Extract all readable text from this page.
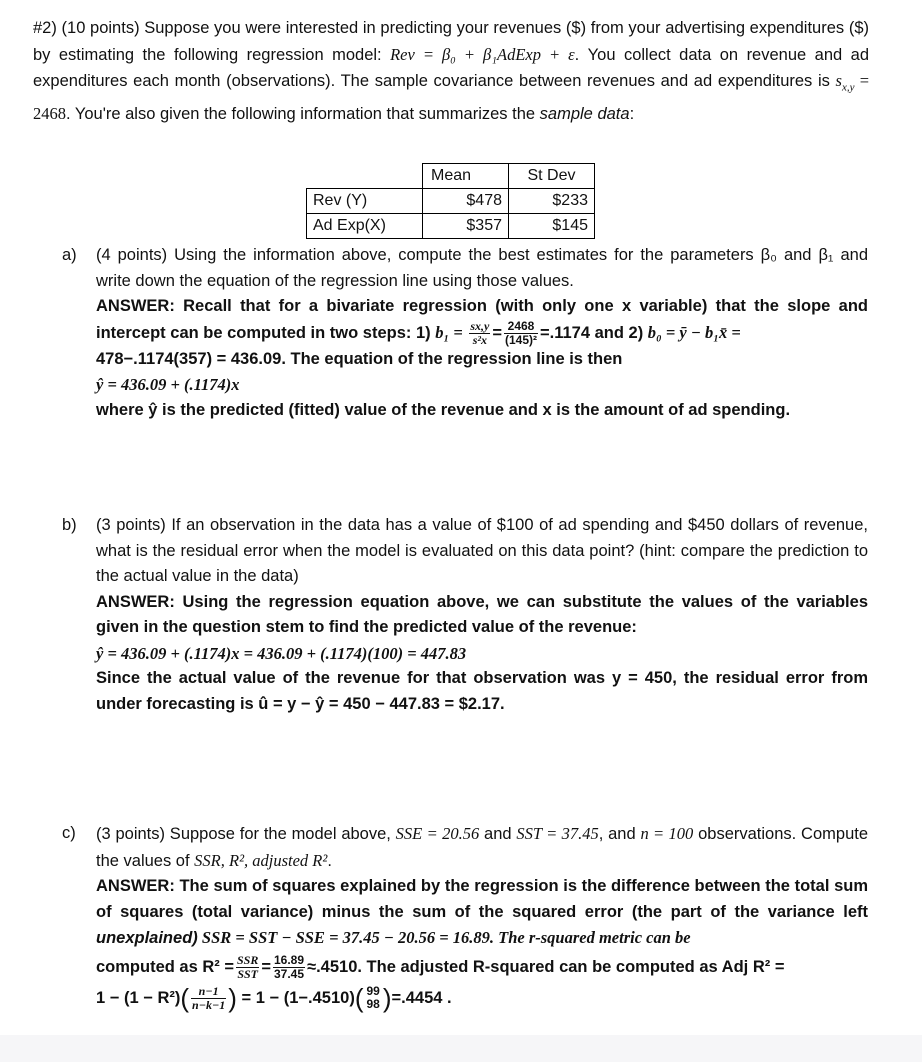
#2) (10 points) Suppose you were interested in predicting your revenues ($) from your advertising expenditures ($) by estimating the following regression model: Rev = β₀ + β₁AdExp + ε. You collect data on revenue and ad expenditures each month (observations). The sample covariance between revenues and ad expenditures is $s_{x,y} = 2468$. You're also given the following information that summarizes the sample data:

	Mean	St Dev
Rev (Y)	$478	$233
Ad Exp(X)	$357	$145
a) (4 points) Using the information above, compute the best estimates for the parameters β₀ and β₁ and write down the equation of the regression line using those values.

ANSWER: Recall that for a bivariate regression (with only one x variable) that the slope and intercept can be computed in two steps: 1) $b_1 = \frac{sx,y}{\text{s²x}} = \frac{2468}{\text{(145)²}} =.1174$ and 2) b₀ = ȳ − b₁x̄ =

478−.1174(357) = 436.09. The equation of the regression line is then

ŷ = 436.09 + (.1174)x

where ŷ is the predicted (fitted) value of the revenue and x is the amount of ad spending.

b) (3 points) If an observation in the data has a value of $100 of ad spending and $450 dollars of revenue, what is the residual error when the model is evaluated on this data point? (hint: compare the prediction to the actual value in the data)

ANSWER: Using the regression equation above, we can substitute the values of the variables given in the question stem to find the predicted value of the revenue:

ŷ = 436.09 + (.1174)x = 436.09 + (.1174)(100) = 447.83

Since the actual value of the revenue for that observation was y = 450, the residual error from under forecasting is û = y − ŷ = 450 − 447.83 = $2.17.

c) (3 points) Suppose for the model above, SSE = 20.56 and SST = 37.45, and n = 100 observations. Compute the values of SSR, R², adjusted R².

ANSWER: The sum of squares explained by the regression is the difference between the total sum of squares (total variance) minus the sum of the squared error (the part of the variance left unexplained) SSR = SST − SSE = 37.45 − 20.56 = 16.89. The r-squared metric can be

computed as $R^2 = \frac{\text{SSR}}{\text{SST}} = \frac{16.89}{37.45} \approx.4510$. The adjusted R-squared can be computed as Adj R² =

1 − (1 − R²) ( $\frac{n-1}{n-k-1}$ ) = 1 − (1−.4510) ( 99
98 ) =.4454 .
